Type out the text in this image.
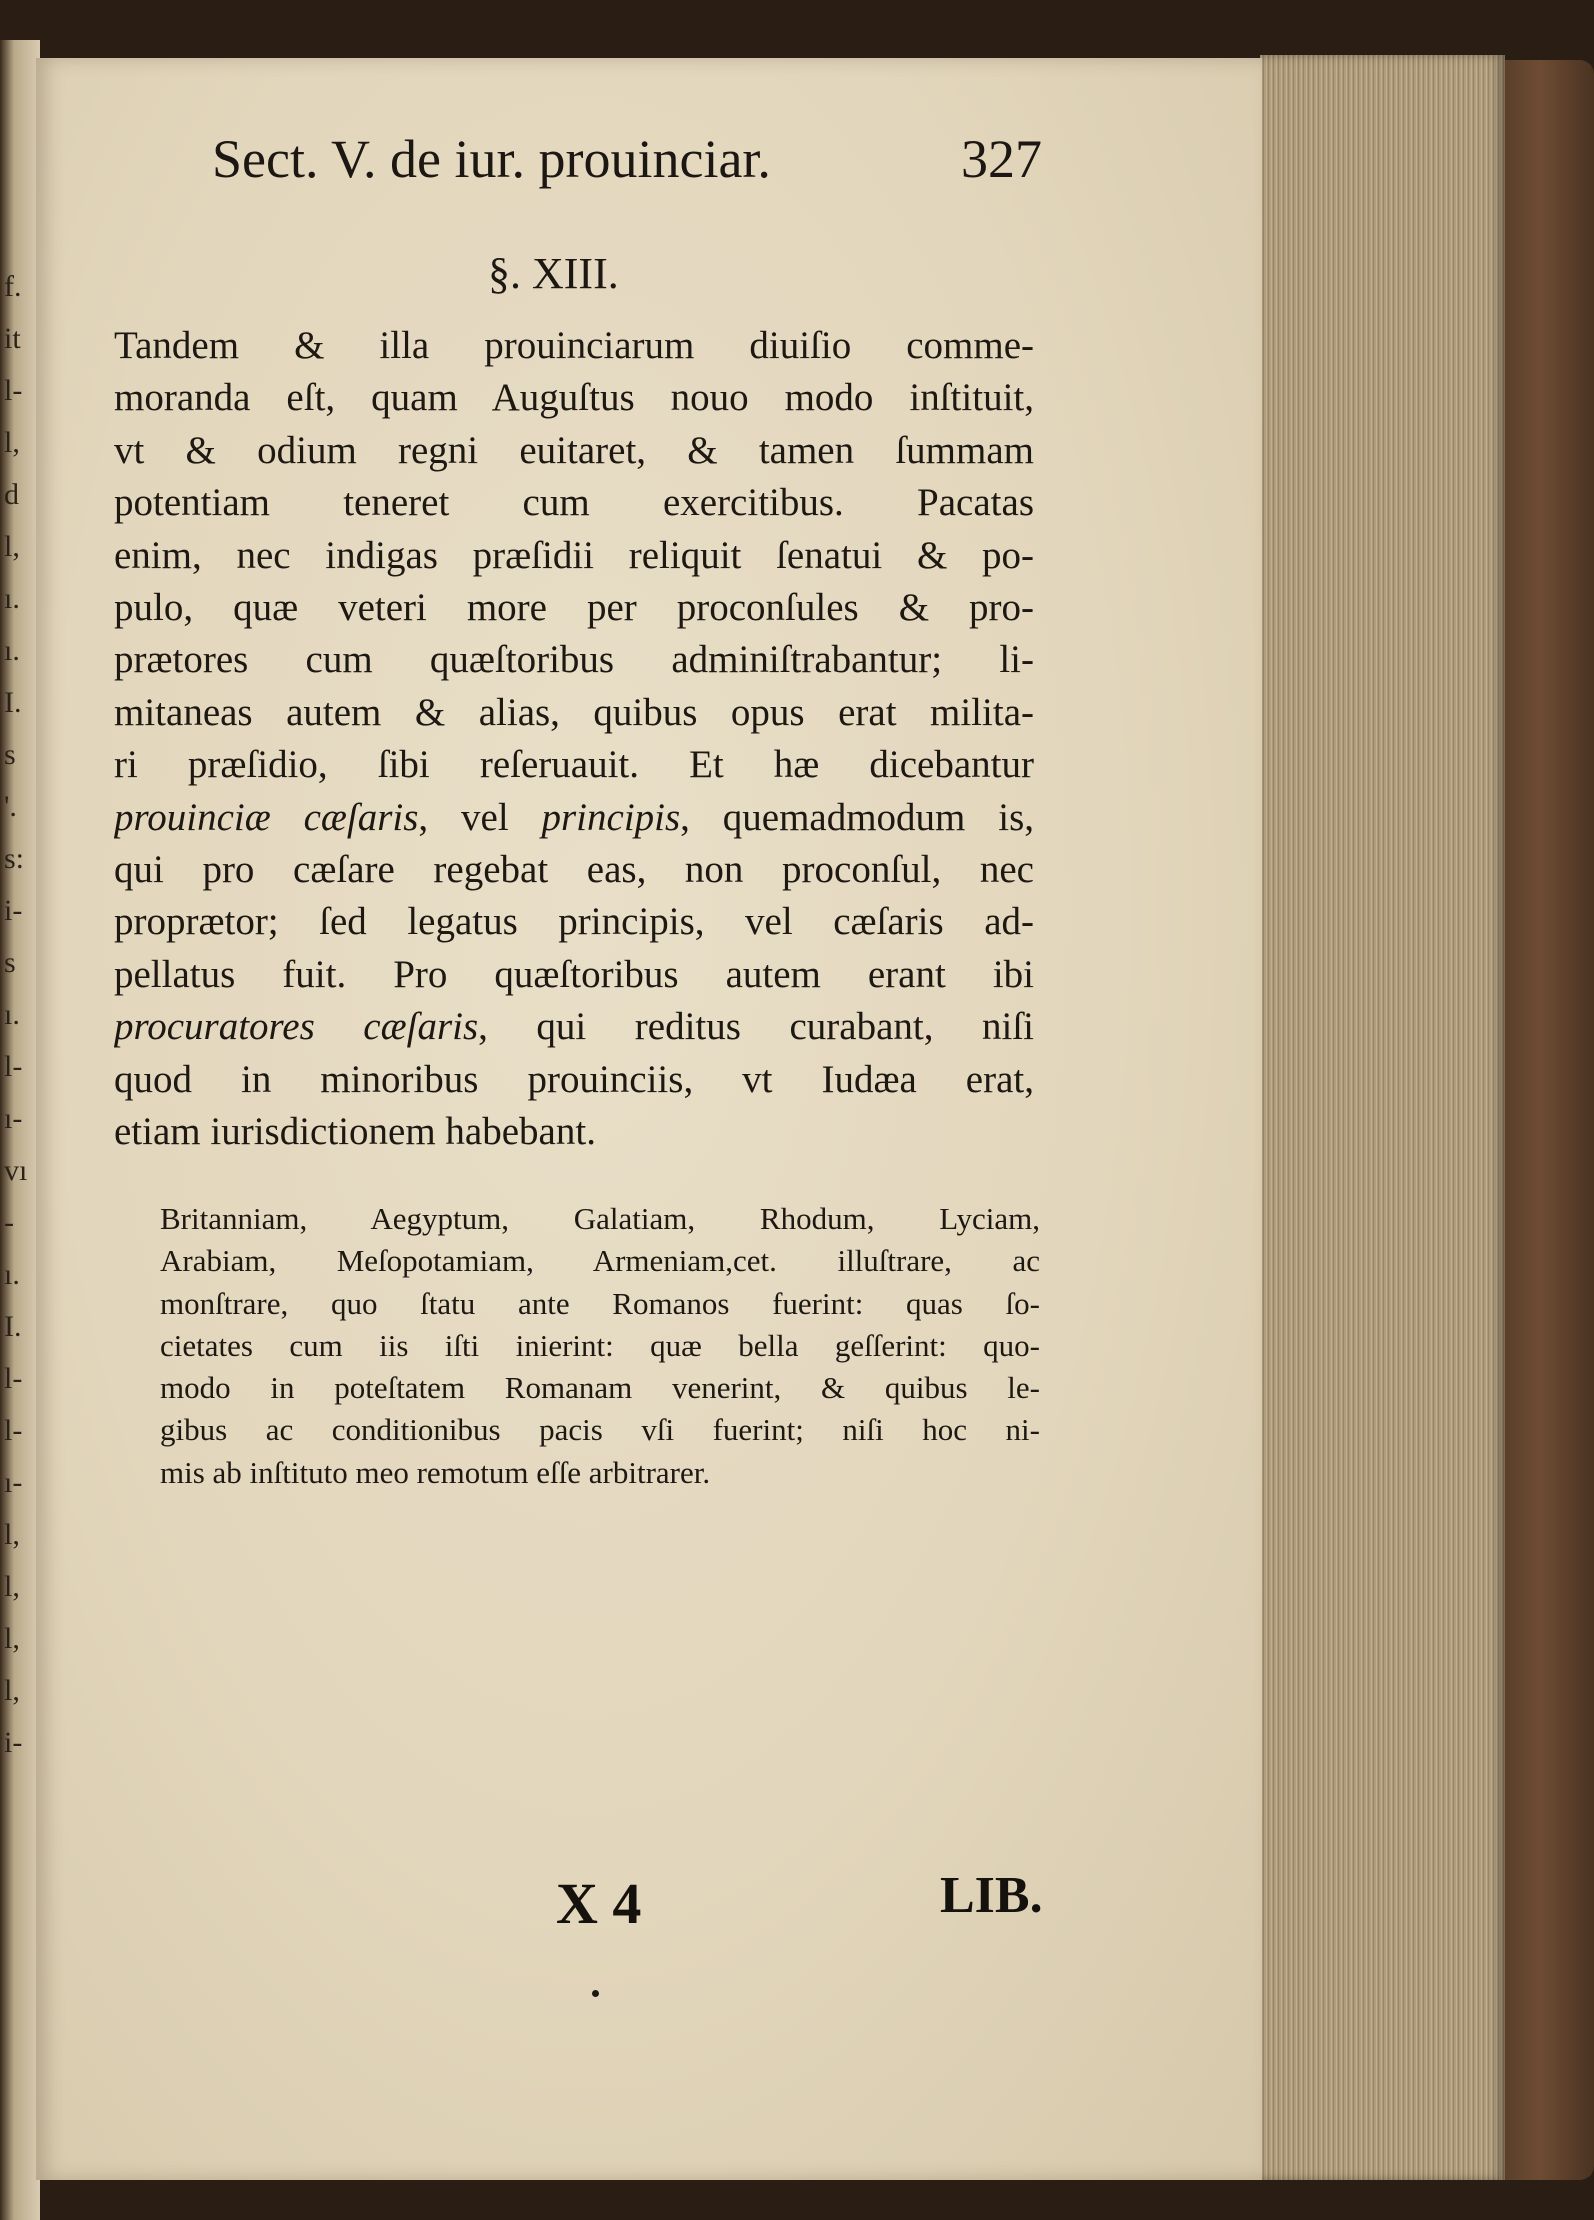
f.
it
l-
l,
d
l,
ı.
ı.
I.
s
'.
s:
i-
s
ı.
l-
ı-
vı
-
ı.
I.
l-
l-
ı-
l,
l,
l,
l,
i-
Sect. V. de iur. prouinciar.	327
§. XIII.
Tandem & illa prouinciarum diuiſio comme-
moranda eſt, quam Auguſtus nouo modo inſtituit,
vt & odium regni euitaret, & tamen ſummam
potentiam teneret cum exercitibus. Pacatas
enim, nec indigas præſidii reliquit ſenatui & po-
pulo, quæ veteri more per proconſules & pro-
prætores cum quæſtoribus adminiſtrabantur; li-
mitaneas autem & alias, quibus opus erat milita-
ri præſidio, ſibi reſeruauit. Et hæ dicebantur
prouinciæ cæſaris, vel principis, quemadmodum is,
qui pro cæſare regebat eas, non proconſul, nec
proprætor; ſed legatus principis, vel cæſaris ad-
pellatus fuit. Pro quæſtoribus autem erant ibi
procuratores cæſaris, qui reditus curabant, niſi
quod in minoribus prouinciis, vt Iudæa erat,
etiam iurisdictionem habebant.
Britanniam, Aegyptum, Galatiam, Rhodum, Lyciam,
Arabiam, Meſopotamiam, Armeniam,cet. illuſtrare, ac
monſtrare, quo ſtatu ante Romanos fuerint: quas ſo-
cietates cum iis iſti inierint: quæ bella geſſerint: quo-
modo in poteſtatem Romanam venerint, & quibus le-
gibus ac conditionibus pacis vſi fuerint; niſi hoc ni-
mis ab inſtituto meo remotum eſſe arbitrarer.
X 4	LIB.
